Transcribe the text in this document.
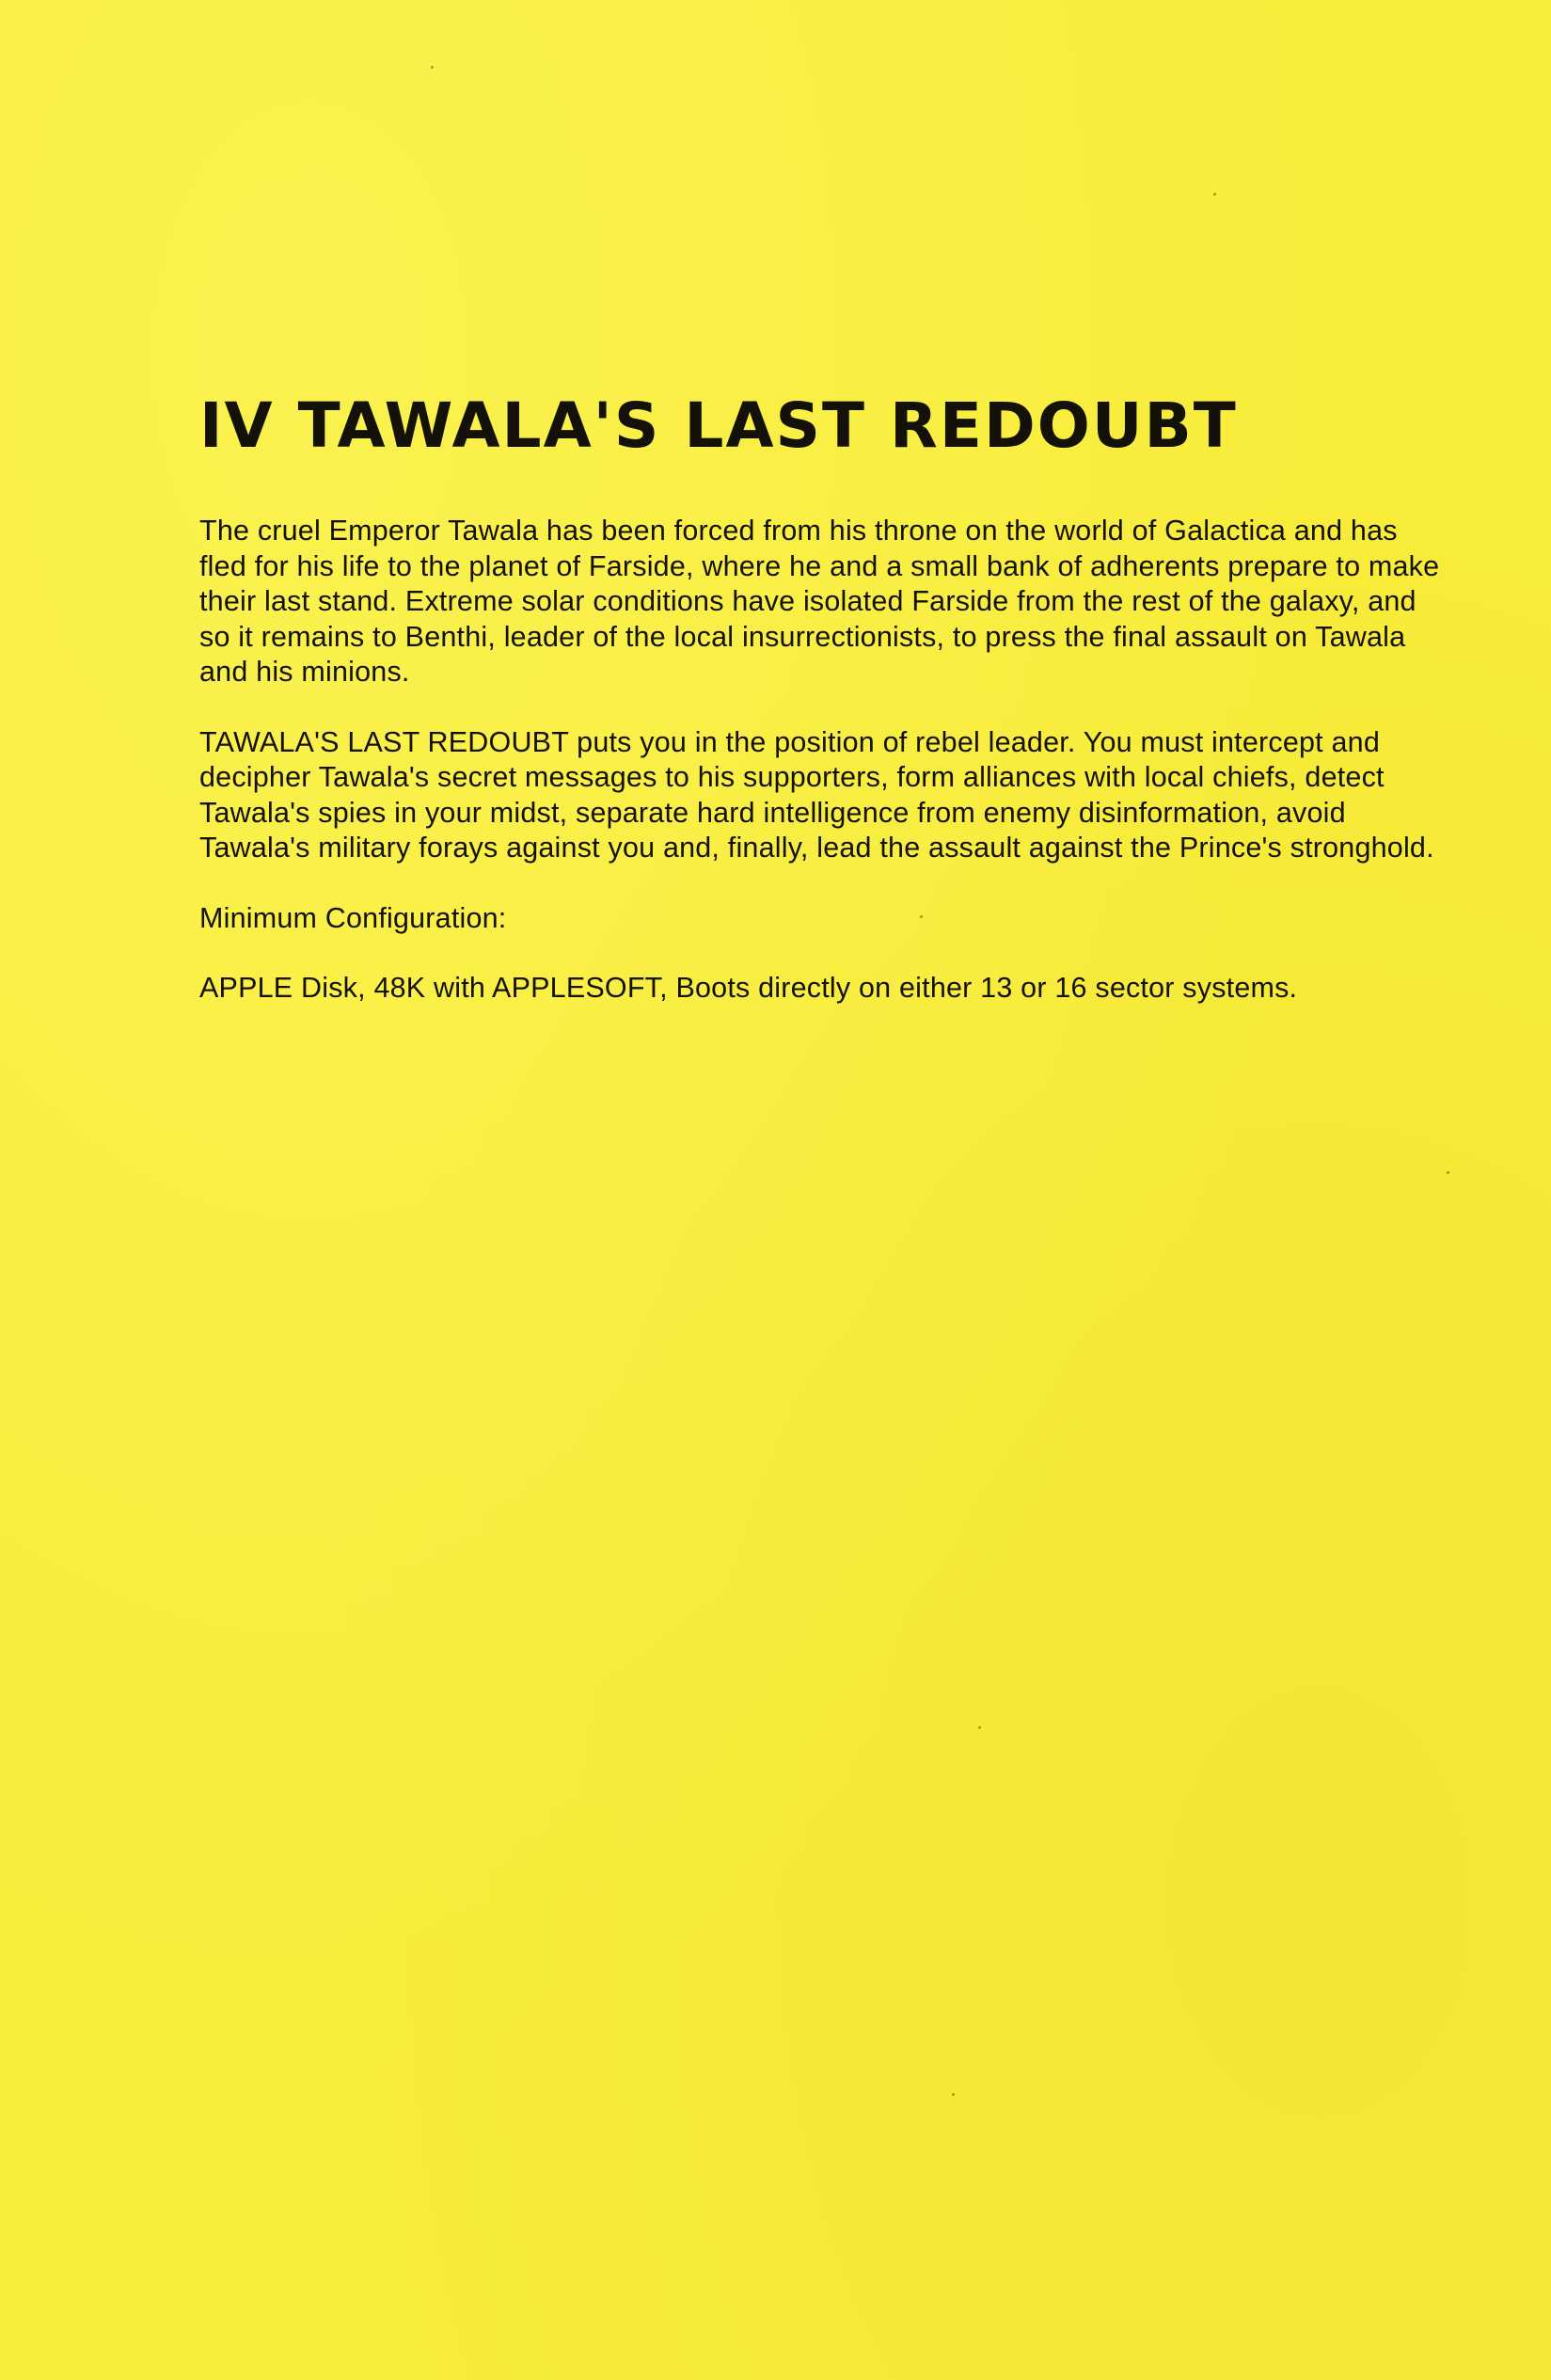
IV TAWALA'S LAST REDOUBT

The cruel Emperor Tawala has been forced from his throne on the world of Galactica and has fled for his life to the planet of Farside, where he and a small bank of adherents prepare to make their last stand. Extreme solar conditions have isolated Farside from the rest of the galaxy, and so it remains to Benthi, leader of the local insurrectionists, to press the final assault on Tawala and his minions.

TAWALA'S LAST REDOUBT puts you in the position of rebel leader. You must intercept and decipher Tawala's secret messages to his supporters, form alliances with local chiefs, detect Tawala's spies in your midst, separate hard intelligence from enemy disinformation, avoid Tawala's military forays against you and, finally, lead the assault against the Prince's stronghold.

Minimum Configuration:

APPLE Disk, 48K with APPLESOFT, Boots directly on either 13 or 16 sector systems.
